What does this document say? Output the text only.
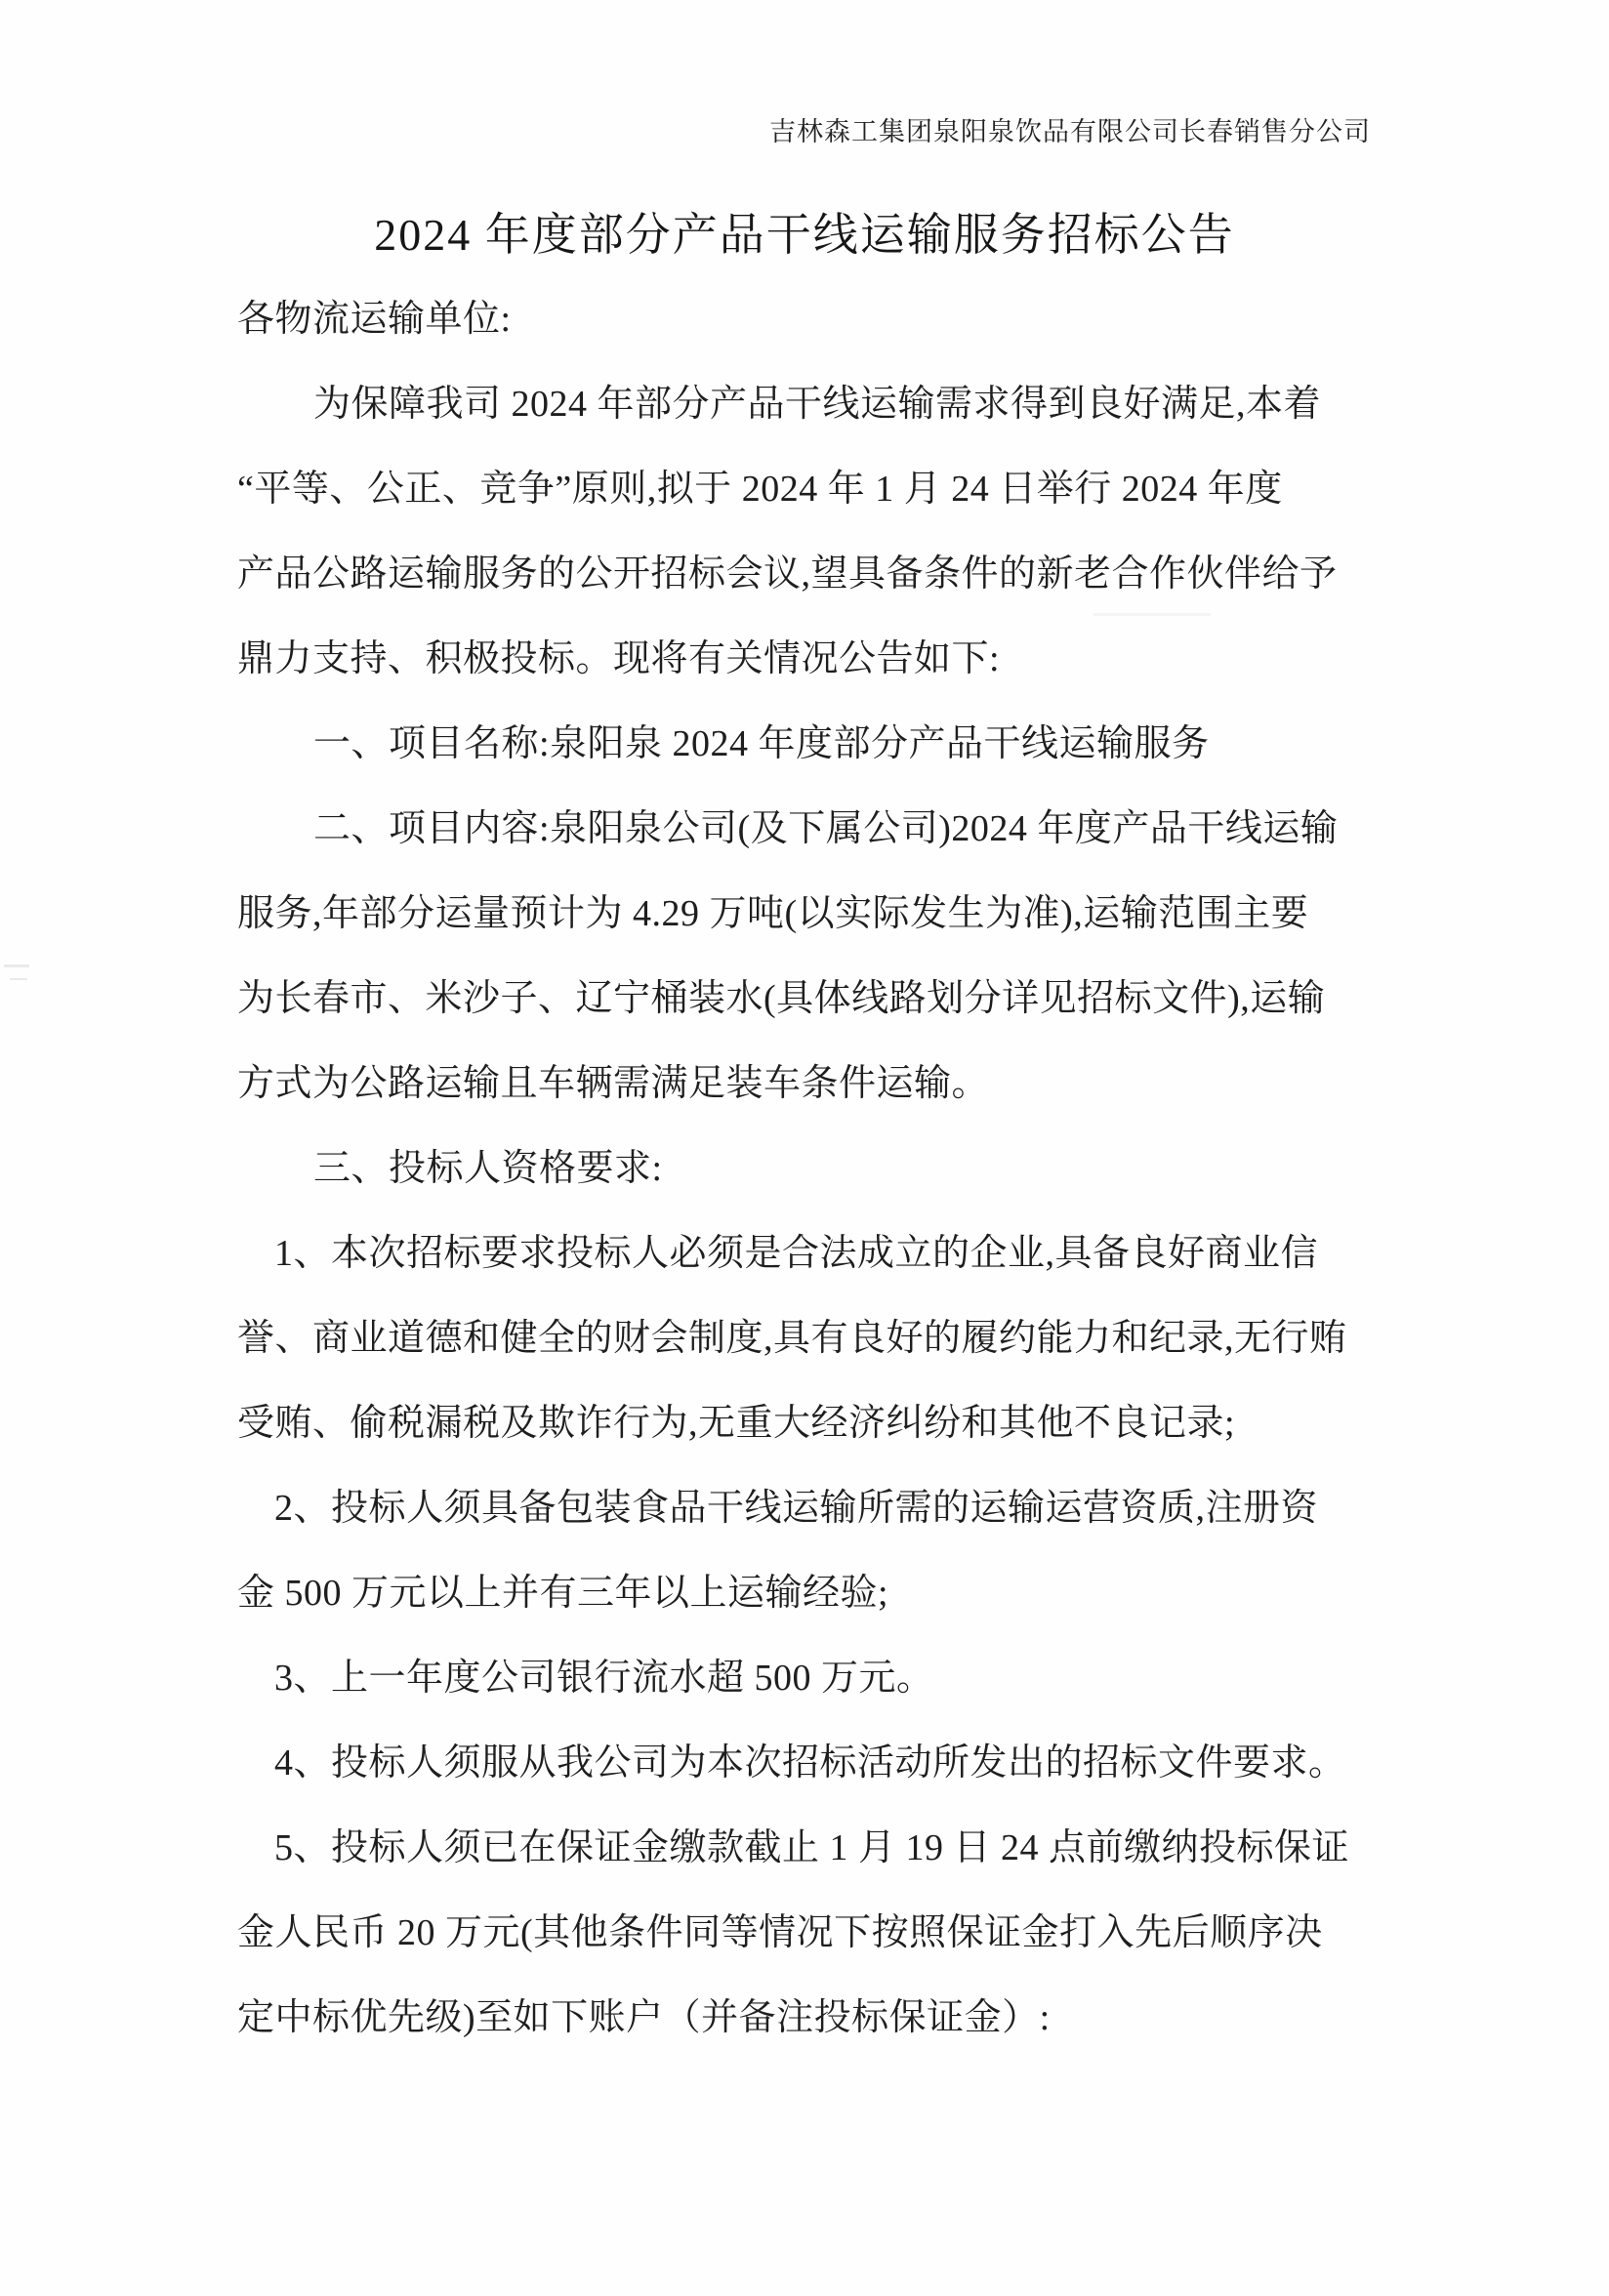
吉林森工集团泉阳泉饮品有限公司长春销售分公司
2024 年度部分产品干线运输服务招标公告
各物流运输单位:
为保障我司 2024 年部分产品干线运输需求得到良好满足,本着
“平等、公正、竞争”原则,拟于 2024 年 1 月 24 日举行 2024 年度
产品公路运输服务的公开招标会议,望具备条件的新老合作伙伴给予
鼎力支持、积极投标。现将有关情况公告如下:
一、项目名称:泉阳泉 2024 年度部分产品干线运输服务
二、项目内容:泉阳泉公司(及下属公司)2024 年度产品干线运输
服务,年部分运量预计为 4.29 万吨(以实际发生为准),运输范围主要
为长春市、米沙子、辽宁桶装水(具体线路划分详见招标文件),运输
方式为公路运输且车辆需满足装车条件运输。
三、投标人资格要求:
1、本次招标要求投标人必须是合法成立的企业,具备良好商业信
誉、商业道德和健全的财会制度,具有良好的履约能力和纪录,无行贿
受贿、偷税漏税及欺诈行为,无重大经济纠纷和其他不良记录;
2、投标人须具备包装食品干线运输所需的运输运营资质,注册资
金 500 万元以上并有三年以上运输经验;
3、上一年度公司银行流水超 500 万元。
4、投标人须服从我公司为本次招标活动所发出的招标文件要求。
5、投标人须已在保证金缴款截止 1 月 19 日 24 点前缴纳投标保证
金人民币 20 万元(其他条件同等情况下按照保证金打入先后顺序决
定中标优先级)至如下账户（并备注投标保证金）:
